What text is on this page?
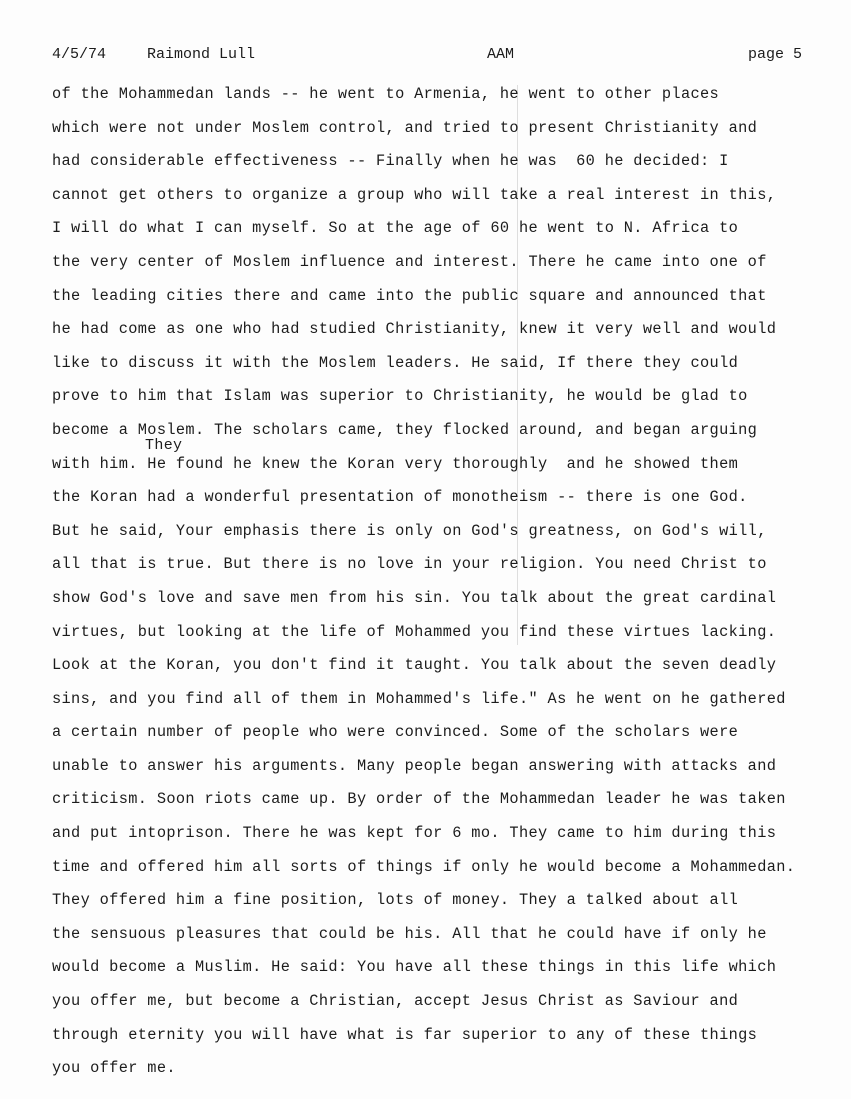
4/5/74	Raimond Lull	AAM	page 5
They
of the Mohammedan lands -- he went to Armenia, he went to other places
which were not under Moslem control, and tried to present Christianity and
had considerable effectiveness -- Finally when he was  60 he decided: I
cannot get others to organize a group who will take a real interest in this,
I will do what I can myself. So at the age of 60 he went to N. Africa to
the very center of Moslem influence and interest. There he came into one of
the leading cities there and came into the public square and announced that
he had come as one who had studied Christianity, knew it very well and would
like to discuss it with the Moslem leaders. He said, If there they could
prove to him that Islam was superior to Christianity, he would be glad to
become a Moslem. The scholars came, they flocked around, and began arguing
with him. He found he knew the Koran very thoroughly  and he showed them
the Koran had a wonderful presentation of monotheism -- there is one God.
But he said, Your emphasis there is only on God's greatness, on God's will,
all that is true. But there is no love in your religion. You need Christ to
show God's love and save men from his sin. You talk about the great cardinal
virtues, but looking at the life of Mohammed you find these virtues lacking.
Look at the Koran, you don't find it taught. You talk about the seven deadly
sins, and you find all of them in Mohammed's life." As he went on he gathered
a certain number of people who were convinced. Some of the scholars were
unable to answer his arguments. Many people began answering with attacks and
criticism. Soon riots came up. By order of the Mohammedan leader he was taken
and put intoprison. There he was kept for 6 mo. They came to him during this
time and offered him all sorts of things if only he would become a Mohammedan.
They offered him a fine position, lots of money. They a talked about all
the sensuous pleasures that could be his. All that he could have if only he
would become a Muslim. He said: You have all these things in this life which
you offer me, but become a Christian, accept Jesus Christ as Saviour and
through eternity you will have what is far superior to any of these things
you offer me.
